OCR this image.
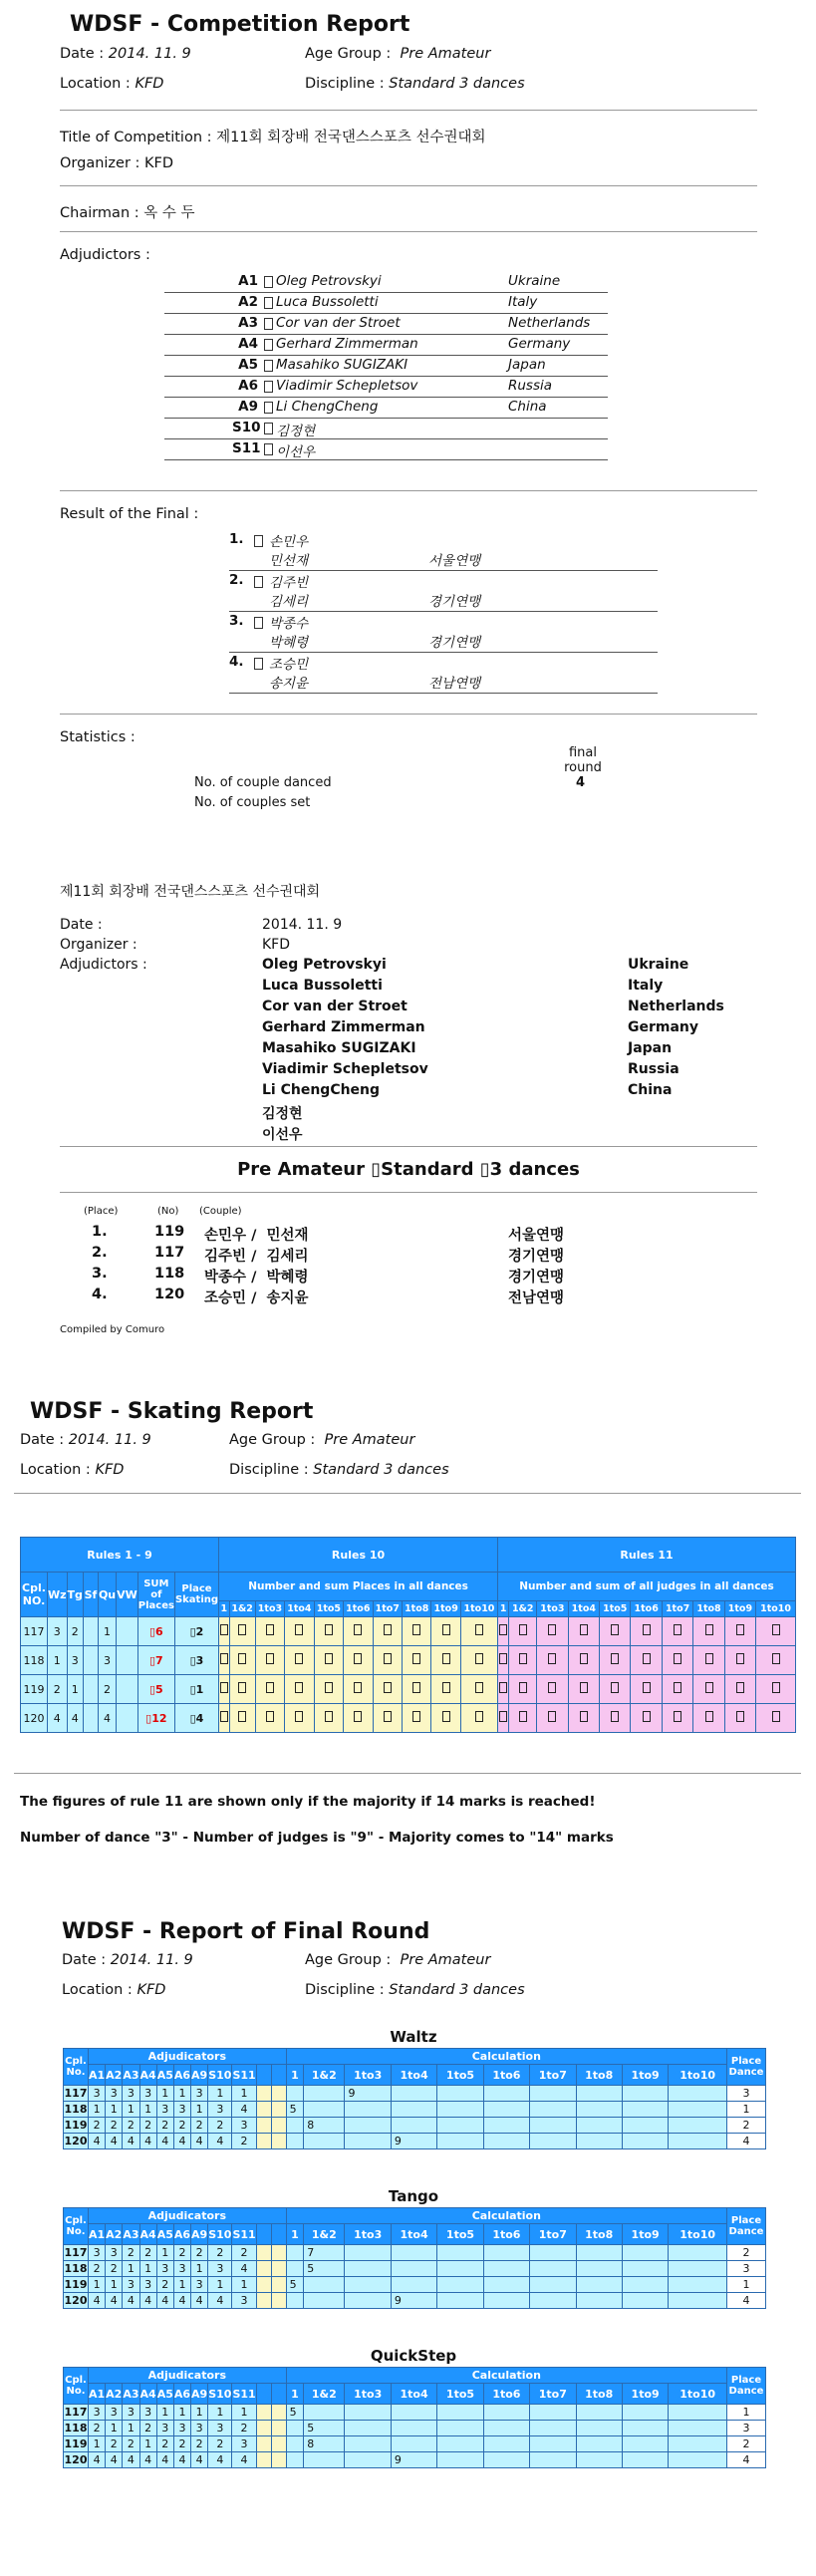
WDSF - Competition Report
Date : 2014. 11. 9	Age Group : Pre Amateur
Location : KFD	Discipline : Standard 3 dances
Title of Competition : 제11회 회장배 전국댄스스포츠 선수권대회
Organizer : KFD
Chairman : 옥 수 두
Adjudictors :
A1 Oleg Petrovskyi	Ukraine
A2 Luca Bussoletti	Italy
A3 Cor van der Stroet	Netherlands
A4 Gerhard Zimmerman	Germany
A5 Masahiko SUGIZAKI	Japan
A6 Viadimir Schepletsov	Russia
A9 Li ChengCheng	China
S10 김정현
S11 이선우
Result of the Final :
1. 손민우
민선재	서울연맹
2. 김주빈
김세리	경기연맹
3. 박종수
박혜령	경기연맹
4. 조승민
송지윤	전남연맹
Statistics :
final round
No. of couple danced	4
No. of couples set
제11회 회장배 전국댄스스포츠 선수권대회
Date :	2014. 11. 9
Organizer :	KFD
Adjudictors :	Oleg Petrovskyi	Ukraine
Luca Bussoletti	Italy
Cor van der Stroet	Netherlands
Gerhard Zimmerman	Germany
Masahiko SUGIZAKI	Japan
Viadimir Schepletsov	Russia
Li ChengCheng	China
김정현
이선우
Pre Amateur ▯Standard ▯3 dances
(Place)	(No) (Couple)
1.	119 손민우 /  민선재	서울연맹
2.	117 김주빈 /  김세리	경기연맹
3.	118 박종수 /  박혜령	경기연맹
4.	120 조승민 /  송지윤	전남연맹
Compiled by Comuro
WDSF - Skating Report
Date : 2014. 11. 9	Age Group : Pre Amateur
Location : KFD	Discipline : Standard 3 dances
Rules 1 - 9								Rules 10										Rules 11									
Cpl. NO.	Wz	Tg	Sf	Qu	VW	SUM of Places	Place Skating	Number and sum Places in all dances										Number and sum of all judges in all dances									
								1	1&2	1to3	1to4	1to5	1to6	1to7	1to8	1to9	1to10	1	1&2	1to3	1to4	1to5	1to6	1to7	1to8	1to9	1to10
117	3	2		1		▯6	▯2																				
118	1	3		3		▯7	▯3																				
119	2	1		2		▯5	▯1																				
120	4	4		4		▯12	▯4																				
The figures of rule 11 are shown only if the majority if 14 marks is reached!
Number of dance "3" - Number of judges is "9" - Majority comes to "14" marks
WDSF - Report of Final Round
Date : 2014. 11. 9	Age Group : Pre Amateur
Location : KFD	Discipline : Standard 3 dances
Waltz
Cpl. No.	Adjudicators											Calculation										Place Dance
	A1	A2	A3	A4	A5	A6	A9	S10	S11			1	1&2	1to3	1to4	1to5	1to6	1to7	1to8	1to9	1to10	
117	3	3	3	3	1	1	3	1	1					9								3
118	1	1	1	1	3	3	1	3	4			5										1
119	2	2	2	2	2	2	2	2	3				8									2
120	4	4	4	4	4	4	4	4	2						9							4
Tango
Cpl. No.	Adjudicators											Calculation										Place Dance
	A1	A2	A3	A4	A5	A6	A9	S10	S11			1	1&2	1to3	1to4	1to5	1to6	1to7	1to8	1to9	1to10	
117	3	3	2	2	1	2	2	2	2				7									2
118	2	2	1	1	3	3	1	3	4				5									3
119	1	1	3	3	2	1	3	1	1			5										1
120	4	4	4	4	4	4	4	4	3						9							4
QuickStep
Cpl. No.	Adjudicators											Calculation										Place Dance
	A1	A2	A3	A4	A5	A6	A9	S10	S11			1	1&2	1to3	1to4	1to5	1to6	1to7	1to8	1to9	1to10	
117	3	3	3	3	1	1	1	1	1			5										1
118	2	1	1	2	3	3	3	3	2				5									3
119	1	2	2	1	2	2	2	2	3				8									2
120	4	4	4	4	4	4	4	4	4						9							4
